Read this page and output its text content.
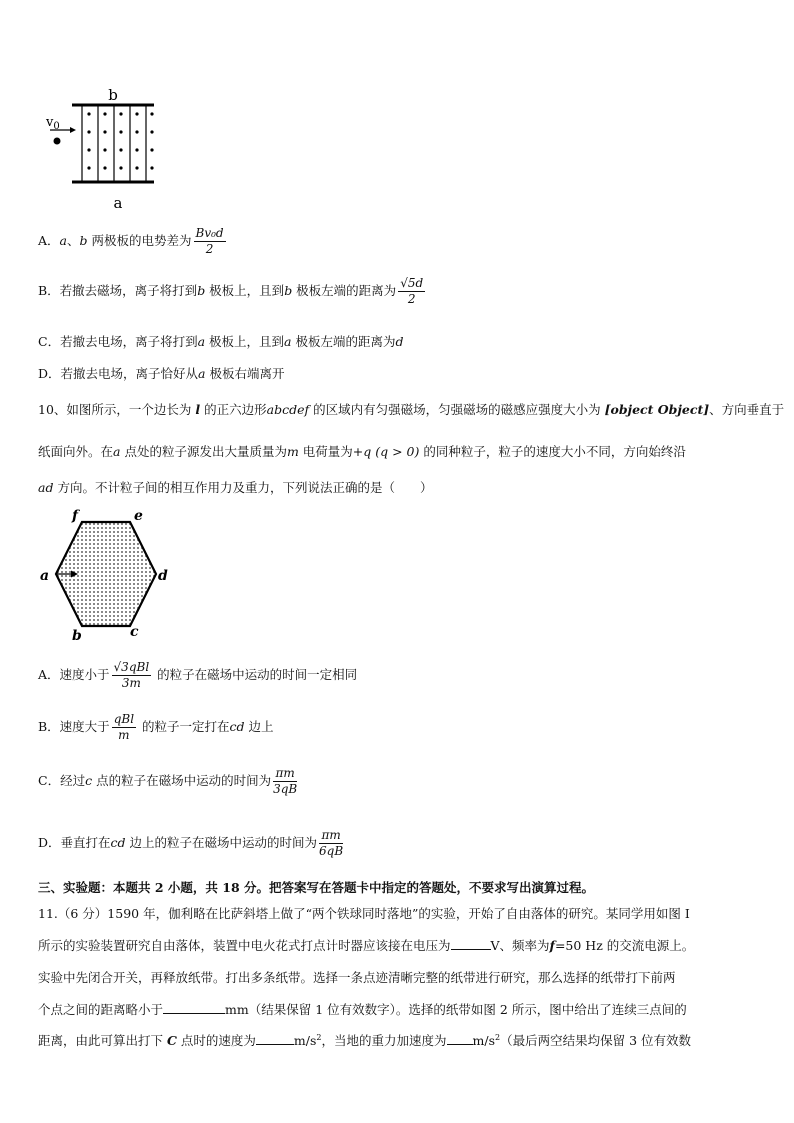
b
$v_0$
a
A．a、b 两极板的电势差为 $\frac{\text{Bv₀d}}{2}$
B．若撤去磁场，离子将打到b 极板上，且到b 极板左端的距离为 $\frac{√5d}{2}$
C．若撤去电场，离子将打到a 极板上，且到a 极板左端的距离为d
D．若撤去电场，离子恰好从a 极板右端离开
10、如图所示，一个边长为 l 的正六边形abcdef 的区域内有匀强磁场，匀强磁场的磁感应强度大小为 [object Object]、方向垂直于
纸面向外。在a 点处的粒子源发出大量质量为m 电荷量为+q (q > 0) 的同种粒子，粒子的速度大小不同，方向始终沿
ad 方向。不计粒子间的相互作用力及重力，下列说法正确的是（　　）
f	e
a	d
b	c
A．速度小于 $\frac{\text{√3qBl}}{3m}$ 的粒子在磁场中运动的时间一定相同
B．速度大于 $\frac{\text{qBl}}{m}$ 的粒子一定打在cd 边上
C．经过c 点的粒子在磁场中运动的时间为 $\frac{\pi m}{3qB}$
D．垂直打在cd 边上的粒子在磁场中运动的时间为 $\frac{\pi m}{6qB}$
三、实验题：本题共 2 小题，共 18 分。把答案写在答题卡中指定的答题处，不要求写出演算过程。
11.（6 分）1590 年，伽利略在比萨斜塔上做了“两个铁球同时落地”的实验，开始了自由落体的研究。某同学用如图 I
所示的实验装置研究自由落体，装置中电火花式打点计时器应该接在电压为	V、频率为f=50 Hz 的交流电源上。
实验中先闭合开关，再释放纸带。打出多条纸带。选择一条点迹清晰完整的纸带进行研究，那么选择的纸带打下前两
个点之间的距离略小于	mm（结果保留 1 位有效数字）。选择的纸带如图 2 所示，图中给出了连续三点间的
距离，由此可算出打下 C 点时的速度为	$m/s^2$，当地的重力加速度为 $m/s^2$（最后两空结果均保留 3 位有效数
